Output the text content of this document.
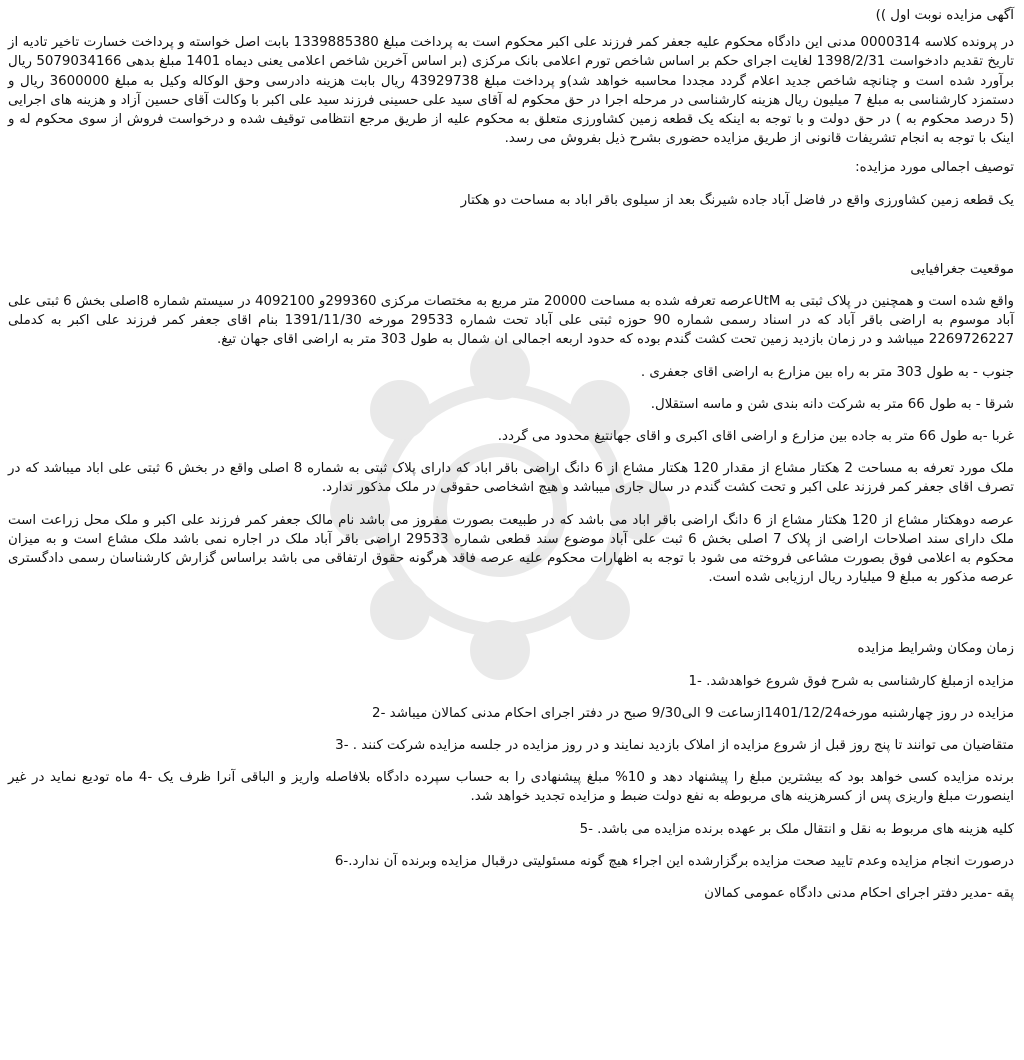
آگهی مزایده نوبت اول ))

در پرونده کلاسه 0000314 مدنی این دادگاه محکوم علیه جعفر کمر فرزند علی اکبر محکوم است به پرداخت مبلغ 1339885380 بابت اصل خواسته و پرداخت خسارت تاخیر تادیه از تاریخ تقدیم دادخواست 1398/2/31 لغایت اجرای حکم بر اساس شاخص تورم اعلامی بانک مرکزی (بر اساس آخرین شاخص اعلامی یعنی دیماه 1401 مبلغ بدهی 5079034166 ریال برآورد شده است و چنانچه شاخص جدید اعلام گردد مجددا محاسبه خواهد شد)و پرداخت مبلغ 43929738 ریال بابت هزینه دادرسی وحق الوکاله وکیل به مبلغ 3600000 ریال و دستمزد کارشناسی به مبلغ 7 میلیون ریال هزینه کارشناسی در مرحله اجرا در حق محکوم له آقای سید علی حسینی فرزند سید علی اکبر با وکالت آقای حسین آزاد و هزینه های اجرایی (5 درصد محکوم به ) در حق دولت و با توجه به اینکه یک قطعه زمین کشاورزی متعلق به محکوم علیه از طریق مرجع انتظامی توقیف شده و درخواست فروش از سوی محکوم له و اینک با توجه به انجام تشریفات قانونی از طریق مزایده حضوری بشرح ذیل بفروش می رسد.

توصیف اجمالی مورد مزایده:

یک قطعه زمین کشاورزی واقع در فاضل آباد جاده شیرنگ بعد از سیلوی باقر اباد به مساحت دو هکتار

موقعیت جغرافیایی

واقع شده است و همچنین در پلاک ثبتی به UtMعرصه تعرفه شده به مساحت 20000 متر مربع به مختصات مرکزی 299360و 4092100 در سیستم شماره 8اصلی بخش 6 ثبتی علی آباد موسوم به اراضی باقر آباد که در اسناد رسمی شماره 90 حوزه ثبتی علی آباد تحت شماره 29533 مورخه 1391/11/30 بنام اقای جعفر کمر فرزند علی اکبر به کدملی 2269726227 میباشد و در زمان بازدید زمین تحت کشت گندم بوده که حدود اربعه اجمالی ان شمال به طول 303 متر به اراضی اقای جهان تیغ.

جنوب - به طول 303 متر به راه بین مزارع به اراضی اقای جعفری .

شرقا - به طول 66 متر به شرکت دانه بندی شن و ماسه استقلال.

غربا -به طول 66 متر به جاده بین مزارع و اراضی اقای اکبری و اقای جهانتیغ محدود می گردد.

ملک مورد تعرفه به مساحت 2 هکتار مشاع از مقدار 120 هکتار مشاع از 6 دانگ اراضی باقر اباد که دارای پلاک ثبتی به شماره 8 اصلی واقع در بخش 6 ثبتی علی اباد میباشد که در تصرف اقای جعفر کمر فرزند علی اکبر و تحت کشت گندم در سال جاری میباشد و هیچ اشخاصی حقوقی در ملک مذکور ندارد.

عرصه دوهکتار مشاع از 120 هکتار مشاع از 6 دانگ اراضی باقر اباد می باشد که در طبیعت بصورت مفروز می باشد نام مالک جعفر کمر فرزند علی اکبر و ملک محل زراعت است ملک دارای سند اصلاحات اراضی از پلاک 7 اصلی بخش 6 ثبت علی آباد موضوع سند قطعی شماره 29533 اراضی باقر آباد ملک در اجاره نمی باشد ملک مشاع است و به میزان محکوم به اعلامی فوق بصورت مشاعی فروخته می شود با توجه به اظهارات محکوم علیه عرصه فاقد هرگونه حقوق ارتفاقی می باشد براساس گزارش کارشناسان رسمی دادگستری عرصه مذکور به مبلغ 9 میلیارد ریال ارزیابی شده است.

زمان ومکان وشرایط مزایده

مزایده ازمبلغ کارشناسی به شرح فوق شروع خواهدشد. -1

مزایده در روز چهارشنبه مورخه1401/12/24ازساعت 9 الی9/30 صبح در دفتر اجرای احکام مدنی کمالان میباشد -2

متقاضیان می توانند تا پنج روز قبل از شروع مزایده از املاک بازدید نمایند و در روز مزایده در جلسه مزایده شرکت کنند . -3

برنده مزایده کسی خواهد بود که بیشترین مبلغ را پیشنهاد دهد و 10% مبلغ پیشنهادی را به حساب سپرده دادگاه بلافاصله واریز و الباقی آنرا ظرف یک -4 ماه تودیع نماید در غیر اینصورت مبلغ واریزی پس از کسرهزینه های مربوطه به نفع دولت ضبط و مزایده تجدید خواهد شد.

کلیه هزینه های مربوط به نقل و انتقال ملک بر عهده برنده مزایده می باشد. -5

درصورت انجام مزایده وعدم تایید صحت مزایده برگزارشده این اجراء هیچ گونه مسئولیتی درقبال مزایده وبرنده آن ندارد.-6

پقه -مدیر دفتر اجرای احکام مدنی دادگاه عمومی کمالان
